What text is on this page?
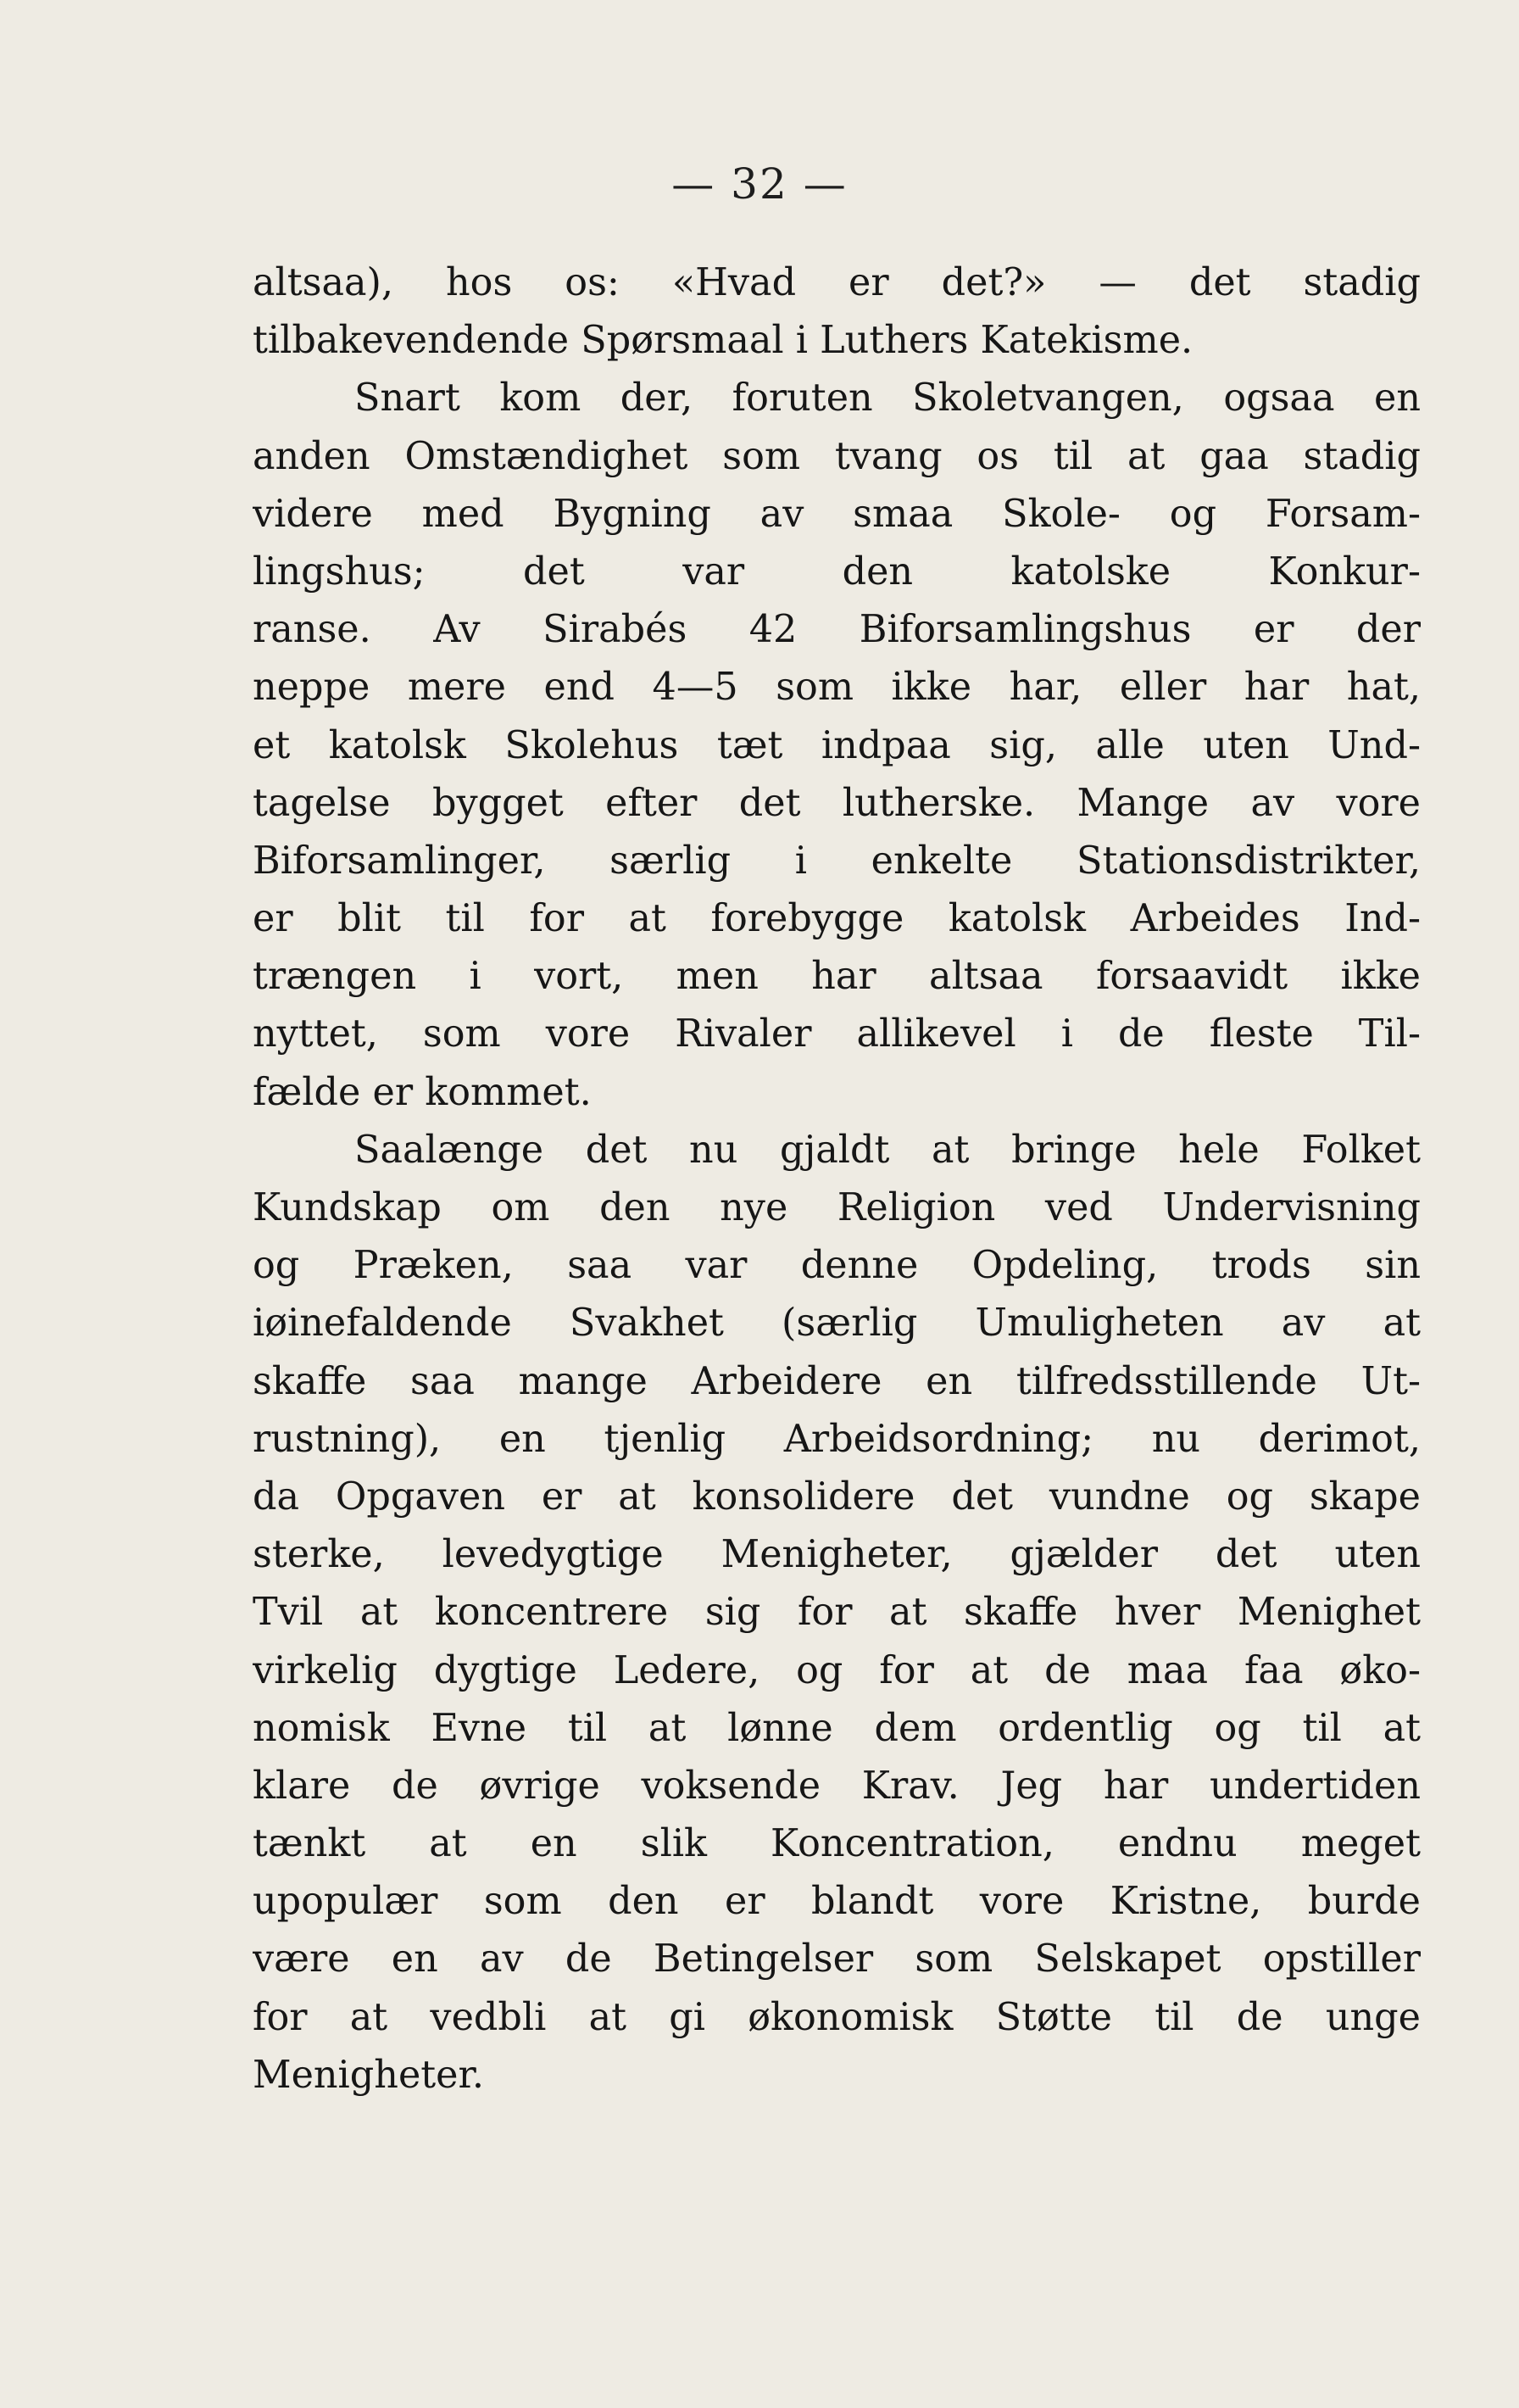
— 32 —
altsaa), hos os: «Hvad er det?» — det stadig
tilbakevendende Spørsmaal i Luthers Katekisme.
Snart kom der, foruten Skoletvangen, ogsaa en
anden Omstændighet som tvang os til at gaa stadig
videre med Bygning av smaa Skole- og Forsam-
lingshus; det var den katolske Konkur-
ranse. Av Sirabés 42 Biforsamlingshus er der
neppe mere end 4—5 som ikke har, eller har hat,
et katolsk Skolehus tæt indpaa sig, alle uten Und-
tagelse bygget efter det lutherske. Mange av vore
Biforsamlinger, særlig i enkelte Stationsdistrikter,
er blit til for at forebygge katolsk Arbeides Ind-
trængen i vort, men har altsaa forsaavidt ikke
nyttet, som vore Rivaler allikevel i de fleste Til-
fælde er kommet.
Saalænge det nu gjaldt at bringe hele Folket
Kundskap om den nye Religion ved Undervisning
og Præken, saa var denne Opdeling, trods sin
iøinefaldende Svakhet (særlig Umuligheten av at
skaffe saa mange Arbeidere en tilfredsstillende Ut-
rustning), en tjenlig Arbeidsordning; nu derimot,
da Opgaven er at konsolidere det vundne og skape
sterke, levedygtige Menigheter, gjælder det uten
Tvil at koncentrere sig for at skaffe hver Menighet
virkelig dygtige Ledere, og for at de maa faa øko-
nomisk Evne til at lønne dem ordentlig og til at
klare de øvrige voksende Krav. Jeg har undertiden
tænkt at en slik Koncentration, endnu meget
upopulær som den er blandt vore Kristne, burde
være en av de Betingelser som Selskapet opstiller
for at vedbli at gi økonomisk Støtte til de unge
Menigheter.
